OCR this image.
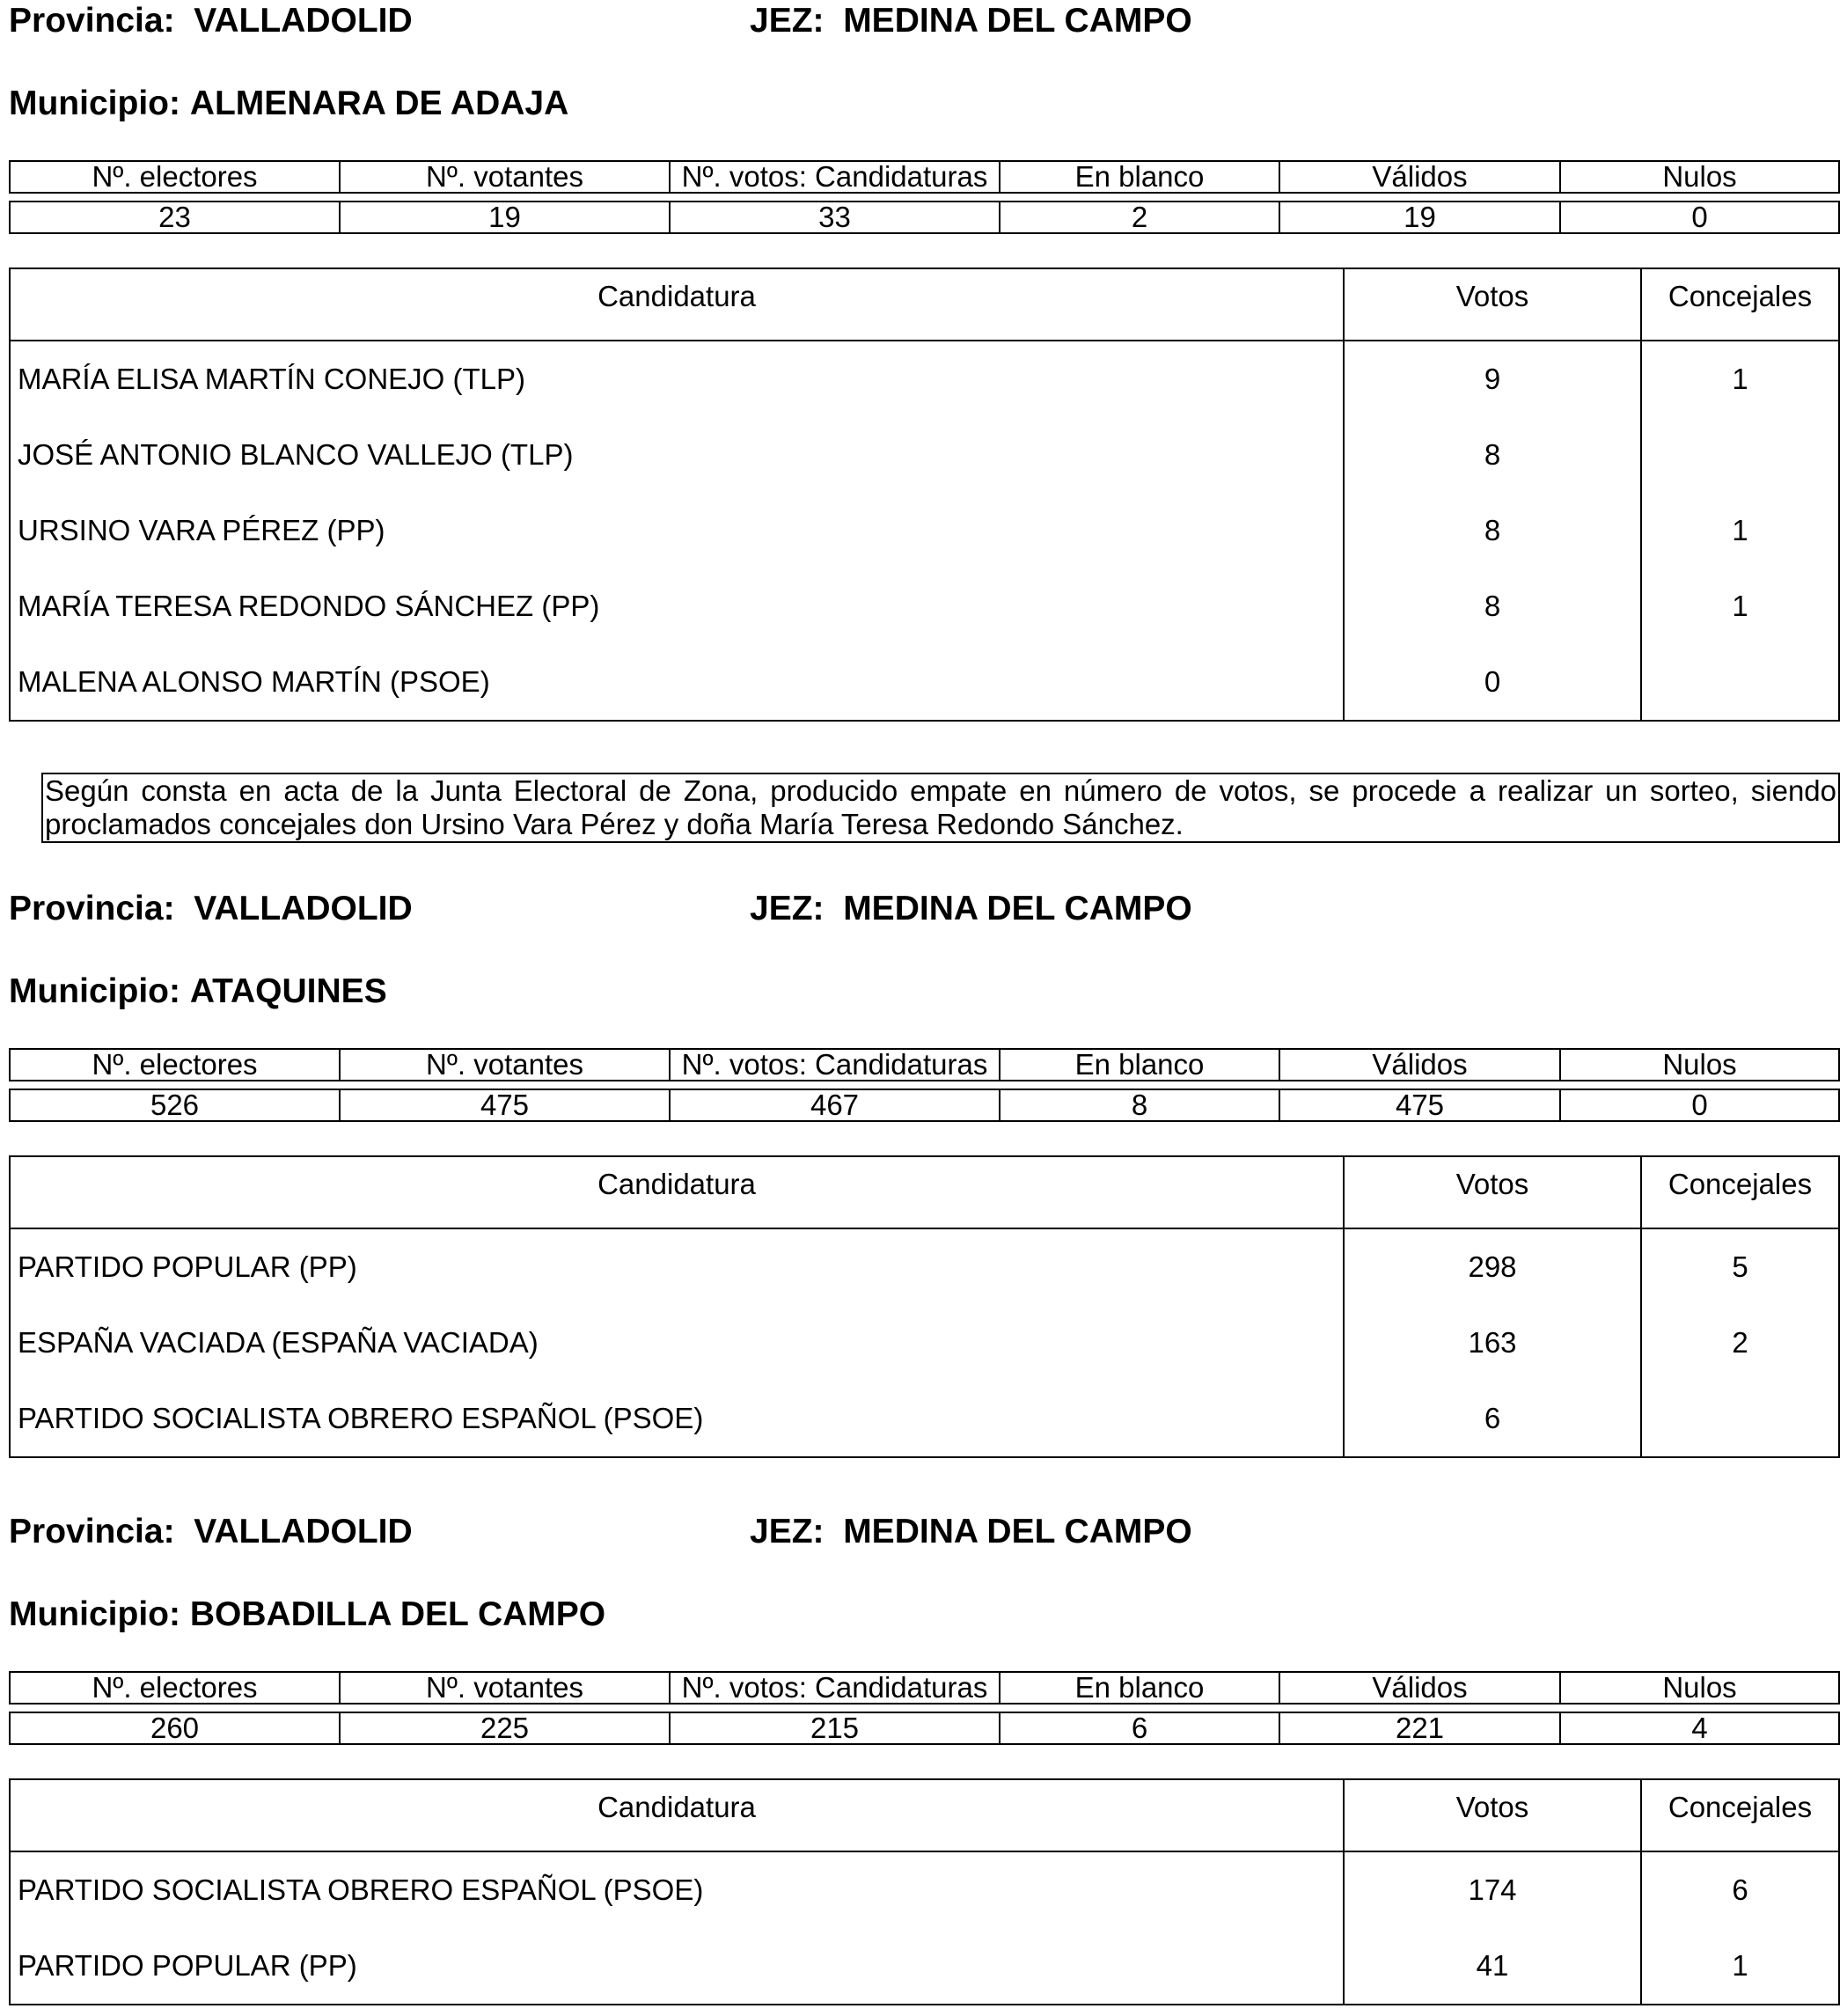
Provincia: VALLADOLID	JEZ: MEDINA DEL CAMPO
Municipio: ALMENARA DE ADAJA
Nº. electores	Nº. votantes	Nº. votos: Candidaturas	En blanco	Válidos	Nulos

23	19	33	2	19	0
Candidatura	Votos	Concejales
MARÍA ELISA MARTÍN CONEJO (TLP)	9	1
JOSÉ ANTONIO BLANCO VALLEJO (TLP)	8
URSINO VARA PÉREZ (PP)	8	1
MARÍA TERESA REDONDO SÁNCHEZ (PP)	8	1
MALENA ALONSO MARTÍN (PSOE)	0
Según consta en acta de la Junta Electoral de Zona, producido empate en número de votos, se procede a realizar un sorteo, siendo proclamados concejales don Ursino Vara Pérez y doña María Teresa Redondo Sánchez.
Provincia: VALLADOLID	JEZ: MEDINA DEL CAMPO
Municipio: ATAQUINES
Nº. electores	Nº. votantes	Nº. votos: Candidaturas	En blanco	Válidos	Nulos

526	475	467	8	475	0
Candidatura	Votos	Concejales
PARTIDO POPULAR (PP)	298	5
ESPAÑA VACIADA (ESPAÑA VACIADA)	163	2
PARTIDO SOCIALISTA OBRERO ESPAÑOL (PSOE)	6
Provincia: VALLADOLID	JEZ: MEDINA DEL CAMPO
Municipio: BOBADILLA DEL CAMPO
Nº. electores	Nº. votantes	Nº. votos: Candidaturas	En blanco	Válidos	Nulos

260	225	215	6	221	4
Candidatura	Votos	Concejales
PARTIDO SOCIALISTA OBRERO ESPAÑOL (PSOE)	174	6
PARTIDO POPULAR (PP)	41	1
